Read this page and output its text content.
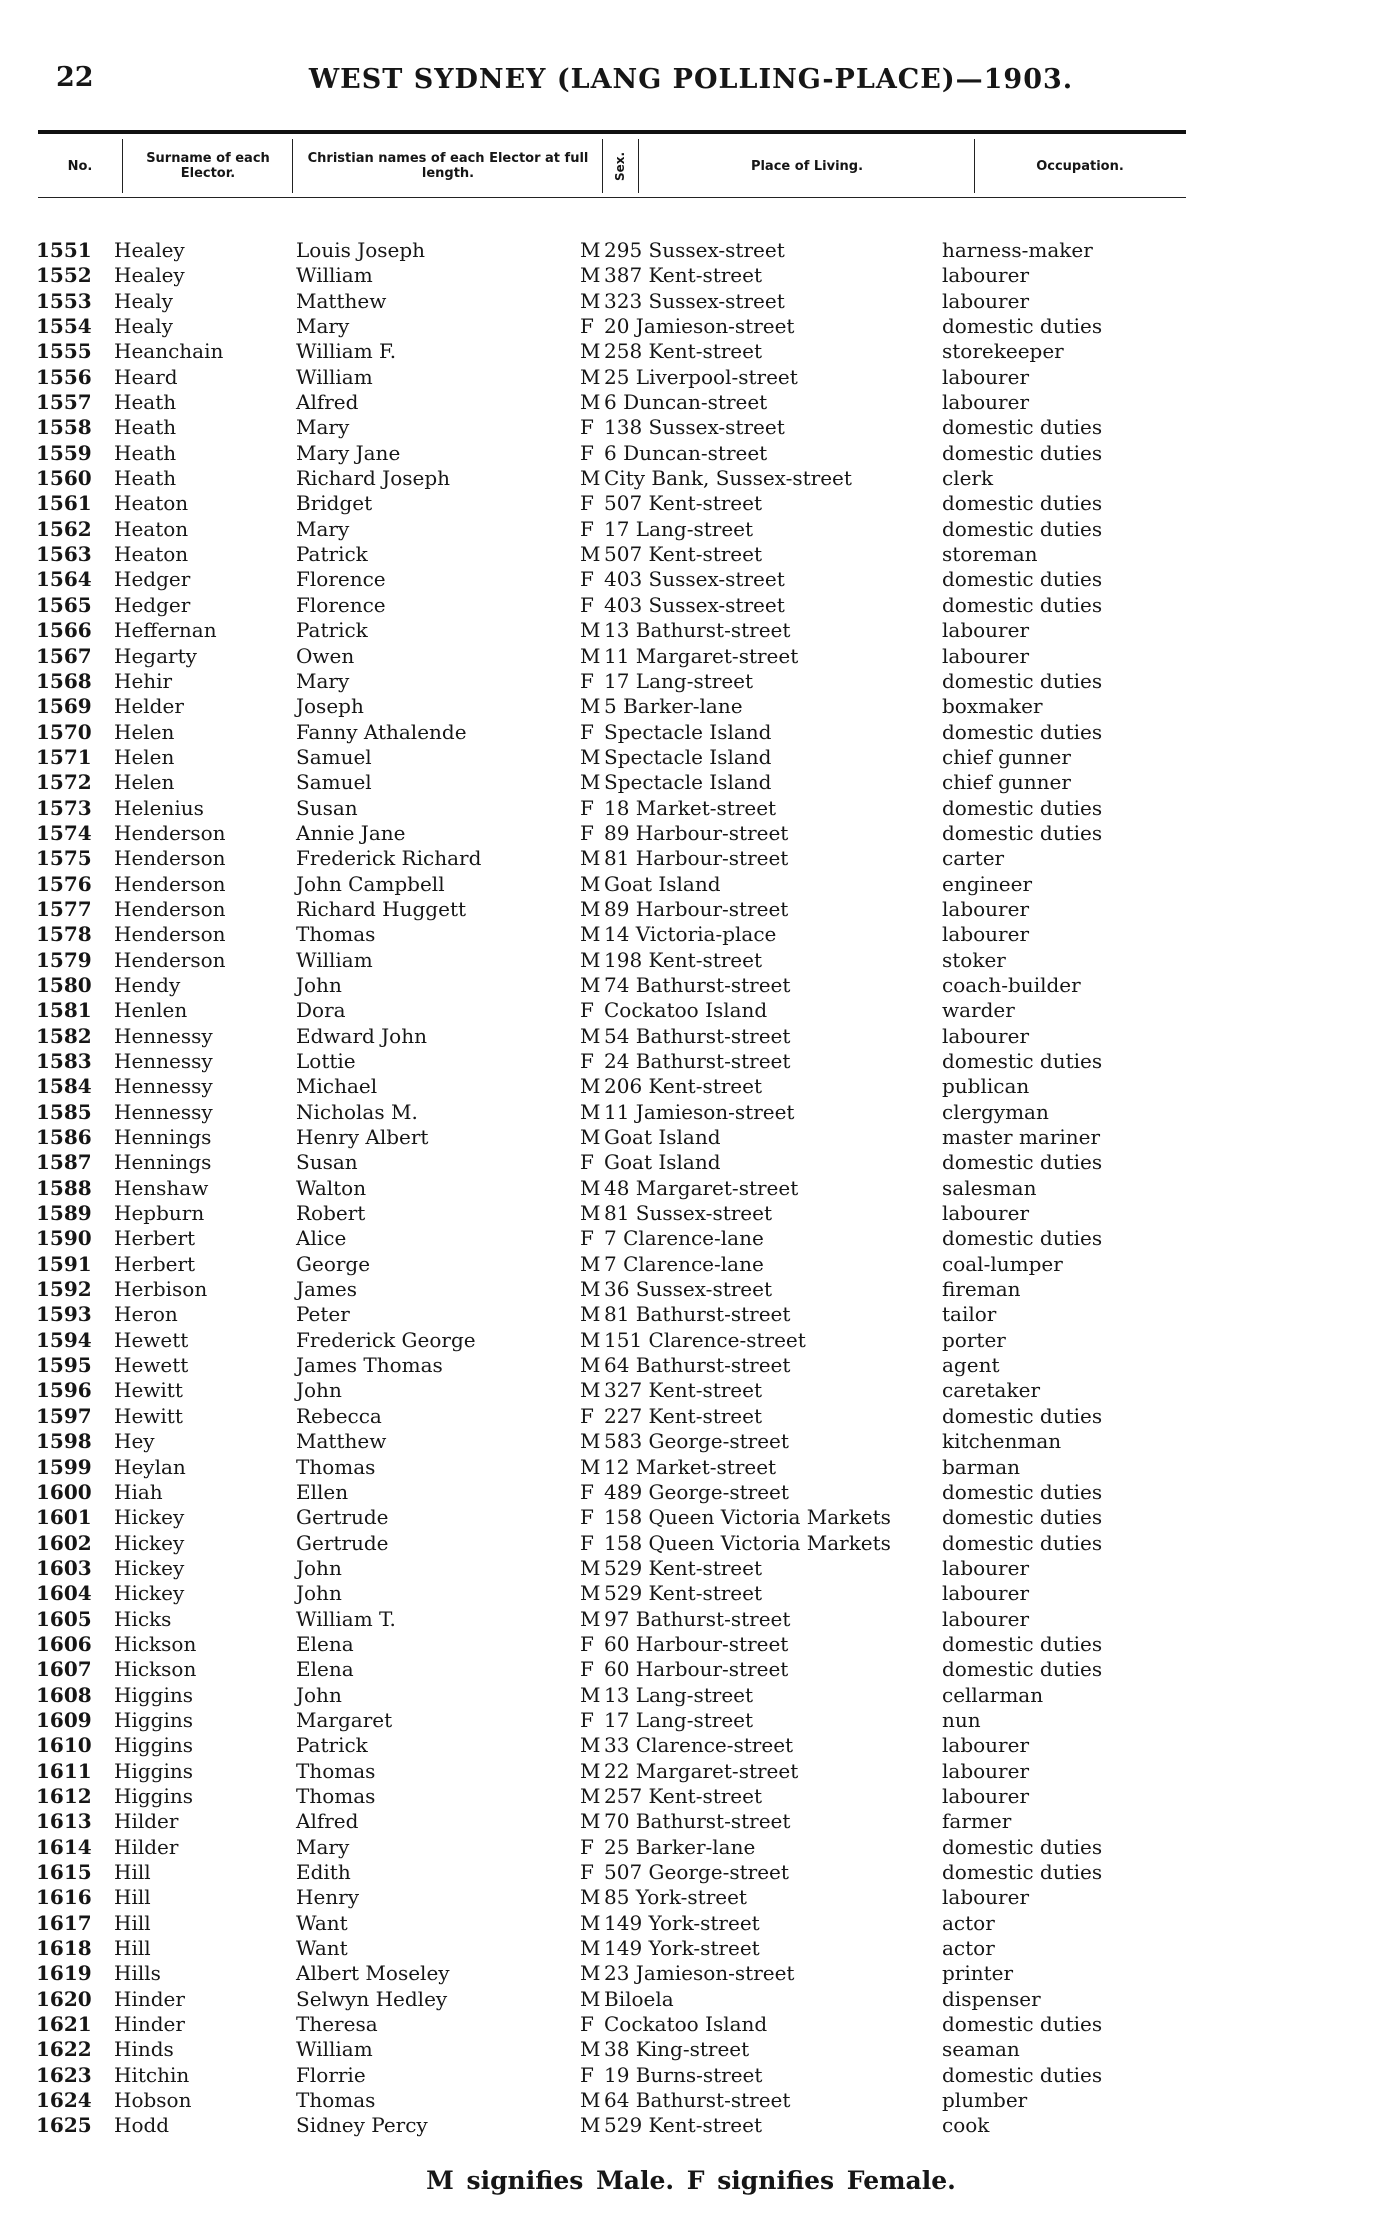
22	WEST SYDNEY (LANG POLLING-PLACE)—1903.
No.	Surname of each Elector.
Christian names of each Elector at full length.	Sex.	Place of Living.	Occupation.
1551 Healey	Louis Joseph	M 295 Sussex-street	harness-maker
1552 Healey	William	M 387 Kent-street	labourer
1553 Healy	Matthew	M 323 Sussex-street	labourer
1554 Healy	Mary	F 20 Jamieson-street	domestic duties
1555 Heanchain	William F.	M 258 Kent-street	storekeeper
1556 Heard	William	M 25 Liverpool-street	labourer
1557 Heath	Alfred	M 6 Duncan-street	labourer
1558 Heath	Mary	F 138 Sussex-street	domestic duties
1559 Heath	Mary Jane	F 6 Duncan-street	domestic duties
1560 Heath	Richard Joseph	M City Bank, Sussex-street	clerk
1561 Heaton	Bridget	F 507 Kent-street	domestic duties
1562 Heaton	Mary	F 17 Lang-street	domestic duties
1563 Heaton	Patrick	M 507 Kent-street	storeman
1564 Hedger	Florence	F 403 Sussex-street	domestic duties
1565 Hedger	Florence	F 403 Sussex-street	domestic duties
1566 Heffernan	Patrick	M 13 Bathurst-street	labourer
1567 Hegarty	Owen	M 11 Margaret-street	labourer
1568 Hehir	Mary	F 17 Lang-street	domestic duties
1569 Helder	Joseph	M 5 Barker-lane	boxmaker
1570 Helen	Fanny Athalende	F Spectacle Island	domestic duties
1571 Helen	Samuel	M Spectacle Island	chief gunner
1572 Helen	Samuel	M Spectacle Island	chief gunner
1573 Helenius	Susan	F 18 Market-street	domestic duties
1574 Henderson	Annie Jane	F 89 Harbour-street	domestic duties
1575 Henderson	Frederick Richard	M 81 Harbour-street	carter
1576 Henderson	John Campbell	M Goat Island	engineer
1577 Henderson	Richard Huggett	M 89 Harbour-street	labourer
1578 Henderson	Thomas	M 14 Victoria-place	labourer
1579 Henderson	William	M 198 Kent-street	stoker
1580 Hendy	John	M 74 Bathurst-street	coach-builder
1581 Henlen	Dora	F Cockatoo Island	warder
1582 Hennessy	Edward John	M 54 Bathurst-street	labourer
1583 Hennessy	Lottie	F 24 Bathurst-street	domestic duties
1584 Hennessy	Michael	M 206 Kent-street	publican
1585 Hennessy	Nicholas M.	M 11 Jamieson-street	clergyman
1586 Hennings	Henry Albert	M Goat Island	master mariner
1587 Hennings	Susan	F Goat Island	domestic duties
1588 Henshaw	Walton	M 48 Margaret-street	salesman
1589 Hepburn	Robert	M 81 Sussex-street	labourer
1590 Herbert	Alice	F 7 Clarence-lane	domestic duties
1591 Herbert	George	M 7 Clarence-lane	coal-lumper
1592 Herbison	James	M 36 Sussex-street	fireman
1593 Heron	Peter	M 81 Bathurst-street	tailor
1594 Hewett	Frederick George	M 151 Clarence-street	porter
1595 Hewett	James Thomas	M 64 Bathurst-street	agent
1596 Hewitt	John	M 327 Kent-street	caretaker
1597 Hewitt	Rebecca	F 227 Kent-street	domestic duties
1598 Hey	Matthew	M 583 George-street	kitchenman
1599 Heylan	Thomas	M 12 Market-street	barman
1600 Hiah	Ellen	F 489 George-street	domestic duties
1601 Hickey	Gertrude	F 158 Queen Victoria Markets	domestic duties
1602 Hickey	Gertrude	F 158 Queen Victoria Markets	domestic duties
1603 Hickey	John	M 529 Kent-street	labourer
1604 Hickey	John	M 529 Kent-street	labourer
1605 Hicks	William T.	M 97 Bathurst-street	labourer
1606 Hickson	Elena	F 60 Harbour-street	domestic duties
1607 Hickson	Elena	F 60 Harbour-street	domestic duties
1608 Higgins	John	M 13 Lang-street	cellarman
1609 Higgins	Margaret	F 17 Lang-street	nun
1610 Higgins	Patrick	M 33 Clarence-street	labourer
1611 Higgins	Thomas	M 22 Margaret-street	labourer
1612 Higgins	Thomas	M 257 Kent-street	labourer
1613 Hilder	Alfred	M 70 Bathurst-street	farmer
1614 Hilder	Mary	F 25 Barker-lane	domestic duties
1615 Hill	Edith	F 507 George-street	domestic duties
1616 Hill	Henry	M 85 York-street	labourer
1617 Hill	Want	M 149 York-street	actor
1618 Hill	Want	M 149 York-street	actor
1619 Hills	Albert Moseley	M 23 Jamieson-street	printer
1620 Hinder	Selwyn Hedley	M Biloela	dispenser
1621 Hinder	Theresa	F Cockatoo Island	domestic duties
1622 Hinds	William	M 38 King-street	seaman
1623 Hitchin	Florrie	F 19 Burns-street	domestic duties
1624 Hobson	Thomas	M 64 Bathurst-street	plumber
1625 Hodd	Sidney Percy	M 529 Kent-street	cook
M signifies Male. F signifies Female.
